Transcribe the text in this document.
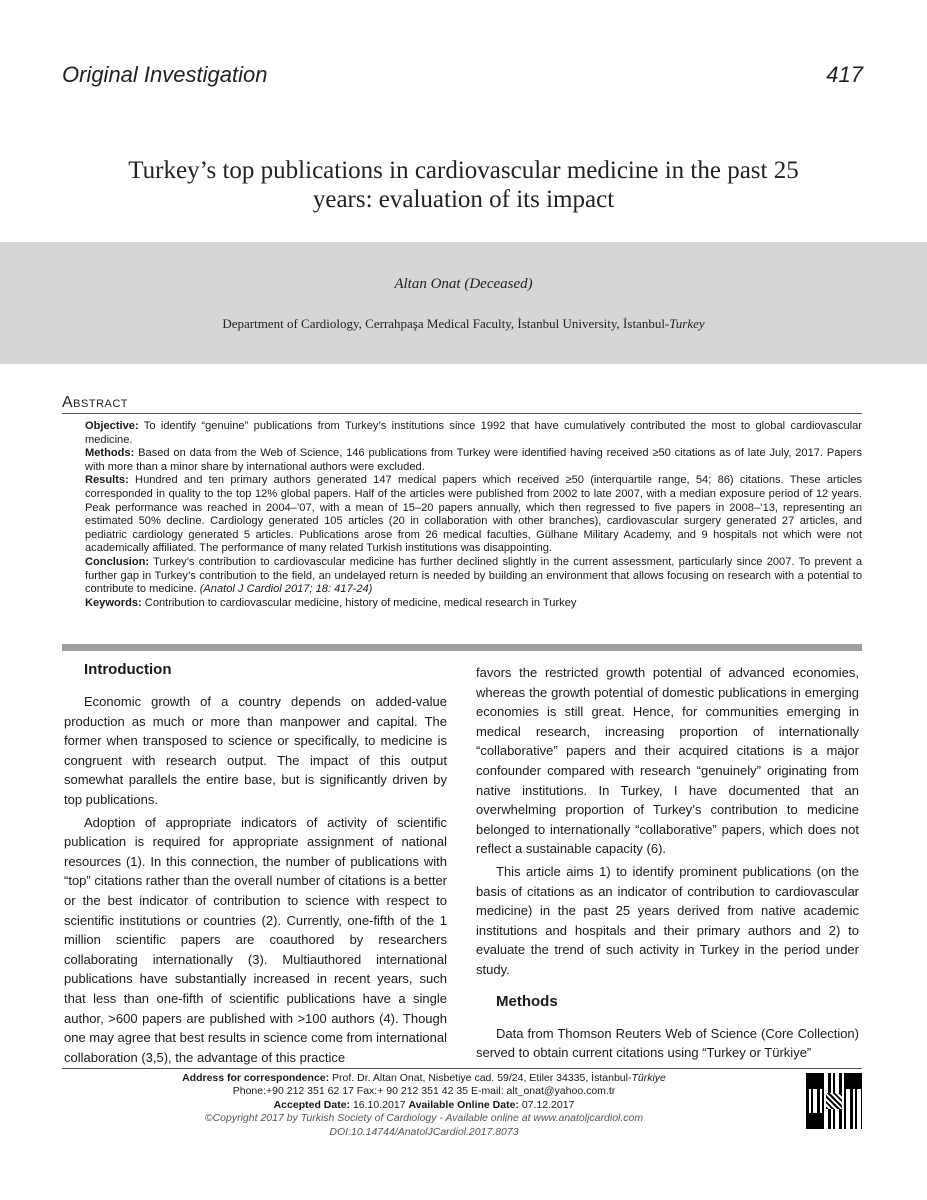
Original Investigation	417
Turkey’s top publications in cardiovascular medicine in the past 25
years: evaluation of its impact
Altan Onat (Deceased)
Department of Cardiology, Cerrahpaşa Medical Faculty, İstanbul University, İstanbul-Turkey
Abstract

Objective: To identify “genuine” publications from Turkey’s institutions since 1992 that have cumulatively contributed the most to global cardiovascular medicine.

Methods: Based on data from the Web of Science, 146 publications from Turkey were identified having received ≥50 citations as of late July, 2017. Papers with more than a minor share by international authors were excluded.

Results: Hundred and ten primary authors generated 147 medical papers which received ≥50 (interquartile range, 54; 86) citations. These articles corresponded in quality to the top 12% global papers. Half of the articles were published from 2002 to late 2007, with a median exposure period of 12 years. Peak performance was reached in 2004–’07, with a mean of 15–20 papers annually, which then regressed to five papers in 2008–’13, representing an estimated 50% decline. Cardiology generated 105 articles (20 in collaboration with other branches), cardiovascular surgery generated 27 articles, and pediatric cardiology generated 5 articles. Publications arose from 26 medical faculties, Gülhane Military Academy, and 9 hospitals not which were not academically affiliated. The performance of many related Turkish institutions was disappointing.

Conclusion: Turkey’s contribution to cardiovascular medicine has further declined slightly in the current assessment, particularly since 2007. To prevent a further gap in Turkey’s contribution to the field, an undelayed return is needed by building an environment that allows focusing on research with a potential to contribute to medicine. (Anatol J Cardiol 2017; 18: 417-24)

Keywords: Contribution to cardiovascular medicine, history of medicine, medical research in Turkey

Introduction

Economic growth of a country depends on added-value production as much or more than manpower and capital. The former when transposed to science or specifically, to medicine is congruent with research output. The impact of this output somewhat parallels the entire base, but is significantly driven by top publications.

Adoption of appropriate indicators of activity of scientific publication is required for appropriate assignment of national resources (1). In this connection, the number of publications with “top” citations rather than the overall number of citations is a better or the best indicator of contribution to science with respect to scientific institutions or countries (2). Currently, one-fifth of the 1 million scientific papers are coauthored by researchers collaborating internationally (3). Multiauthored international publications have substantially increased in recent years, such that less than one-fifth of scientific publications have a single author, >600 papers are published with >100 authors (4). Though one may agree that best results in science come from international collaboration (3,5), the advantage of this practice

favors the restricted growth potential of advanced economies, whereas the growth potential of domestic publications in emerging economies is still great. Hence, for communities emerging in medical research, increasing proportion of internationally “collaborative” papers and their acquired citations is a major confounder compared with research “genuinely” originating from native institutions. In Turkey, I have documented that an overwhelming proportion of Turkey’s contribution to medicine belonged to internationally “collaborative” papers, which does not reflect a sustainable capacity (6).

This article aims 1) to identify prominent publications (on the basis of citations as an indicator of contribution to cardiovascular medicine) in the past 25 years derived from native academic institutions and hospitals and their primary authors and 2) to evaluate the trend of such activity in Turkey in the period under study.

Methods

Data from Thomson Reuters Web of Science (Core Collection) served to obtain current citations using “Turkey or Türkiye”

Address for correspondence: Prof. Dr. Altan Onat, Nisbetiye cad. 59/24, Etiler 34335, İstanbul-Türkiye
Phone:+90 212 351 62 17 Fax:+ 90 212 351 42 35 E-mail: alt_onat@yahoo.com.tr
Accepted Date: 16.10.2017 Available Online Date: 07.12.2017
©Copyright 2017 by Turkish Society of Cardiology - Available online at www.anatoljcardiol.com
DOI:10.14744/AnatolJCardiol.2017.8073
